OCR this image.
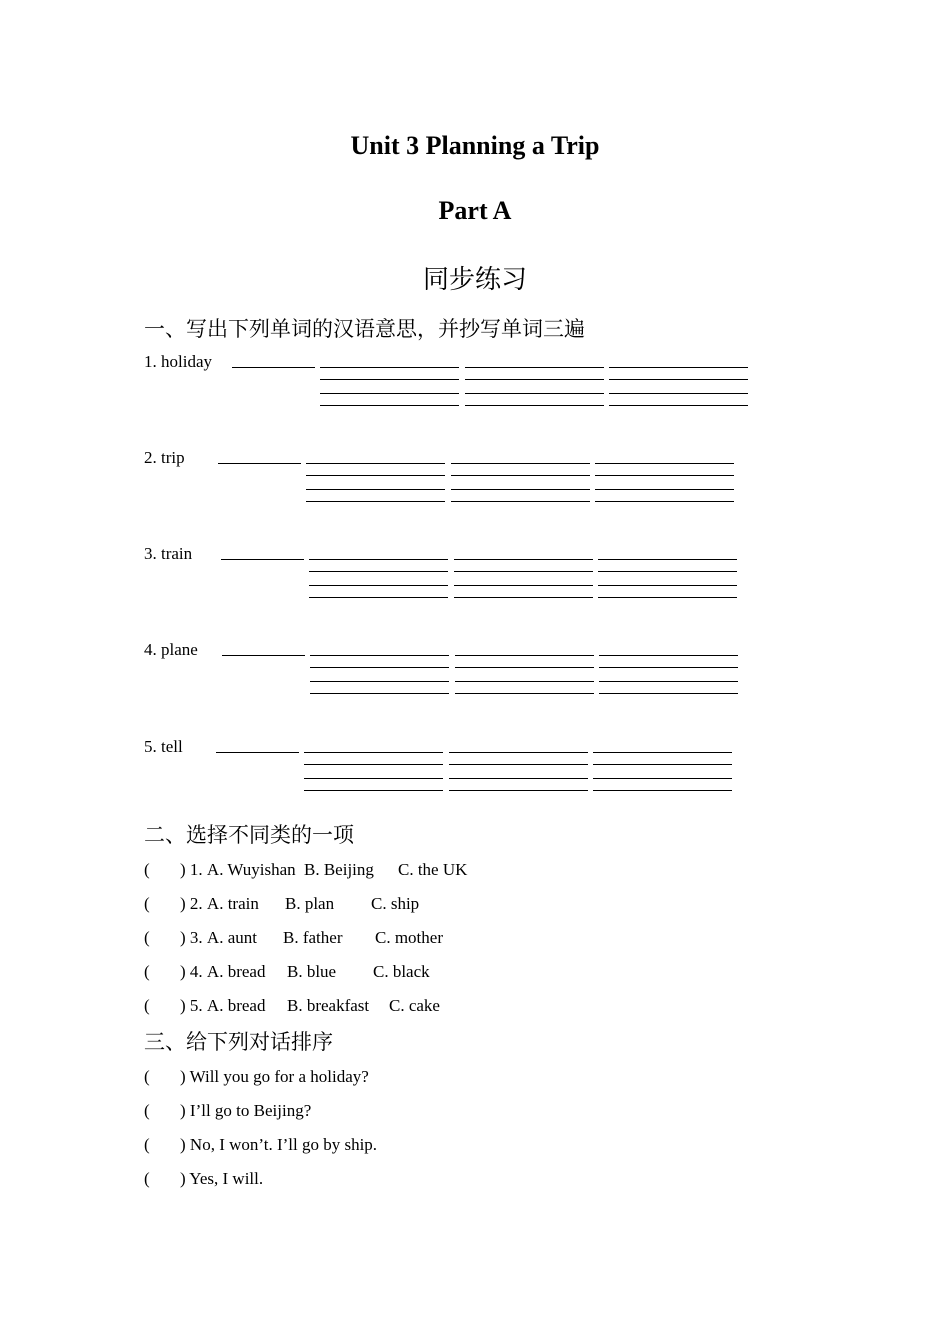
Unit 3 Planning a Trip
Part A
同步练习
一、写出下列单词的汉语意思，并抄写单词三遍
1. holiday
2. trip
3. train
4. plane
5. tell
二、选择不同类的一项
( ) 1. A. Wuyishan B. Beijing C. the UK
( ) 2. A. train B. plan C. ship
( ) 3. A. aunt B. father C. mother
( ) 4. A. bread B. blue C. black
( ) 5. A. bread B. breakfast C. cake
三、给下列对话排序
( ) Will you go for a holiday?
( ) I’ll go to Beijing?
( ) No, I won’t. I’ll go by ship.
( ) Yes, I will.
